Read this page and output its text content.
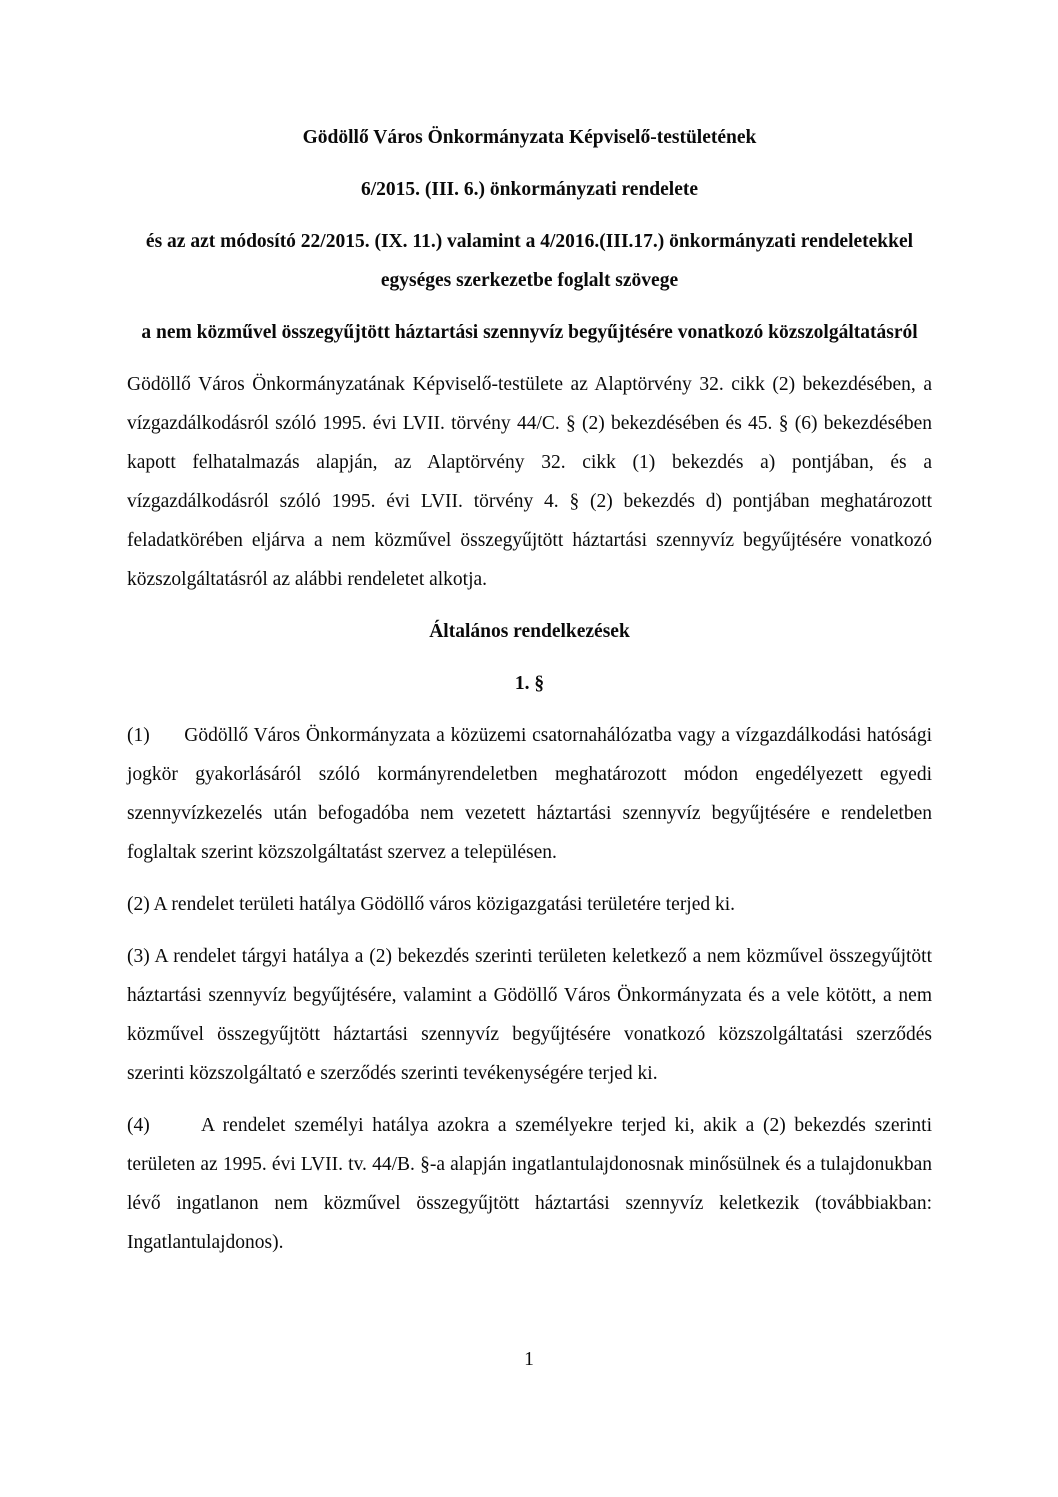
Gödöllő Város Önkormányzata Képviselő-testületének

6/2015. (III. 6.) önkormányzati rendelete

és az azt módosító 22/2015. (IX. 11.) valamint a 4/2016.(III.17.) önkormányzati rendeletekkel egységes szerkezetbe foglalt szövege

a nem közművel összegyűjtött háztartási szennyvíz begyűjtésére vonatkozó közszolgáltatásról

Gödöllő Város Önkormányzatának Képviselő-testülete az Alaptörvény 32. cikk (2) bekezdésében, a vízgazdálkodásról szóló 1995. évi LVII. törvény 44/C. § (2) bekezdésében és 45. § (6) bekezdésében kapott felhatalmazás alapján, az Alaptörvény 32. cikk (1) bekezdés a) pontjában, és a vízgazdálkodásról szóló 1995. évi LVII. törvény 4. § (2) bekezdés d) pontjában meghatározott feladatkörében eljárva a nem közművel összegyűjtött háztartási szennyvíz begyűjtésére vonatkozó közszolgáltatásról az alábbi rendeletet alkotja.

Általános rendelkezések

1. §

(1)      Gödöllő Város Önkormányzata a közüzemi csatornahálózatba vagy a vízgazdálkodási hatósági jogkör gyakorlásáról szóló kormányrendeletben meghatározott módon engedélyezett egyedi szennyvízkezelés után befogadóba nem vezetett háztartási szennyvíz begyűjtésére e rendeletben foglaltak szerint közszolgáltatást szervez a településen.

(2) A rendelet területi hatálya Gödöllő város közigazgatási területére terjed ki.

(3) A rendelet tárgyi hatálya a (2) bekezdés szerinti területen keletkező a nem közművel összegyűjtött háztartási szennyvíz begyűjtésére, valamint a Gödöllő Város Önkormányzata és a vele kötött, a nem közművel összegyűjtött háztartási szennyvíz begyűjtésére vonatkozó közszolgáltatási szerződés szerinti közszolgáltató e szerződés szerinti tevékenységére terjed ki.

(4)      A rendelet személyi hatálya azokra a személyekre terjed ki, akik a (2) bekezdés szerinti területen az 1995. évi LVII. tv. 44/B. §-a alapján ingatlantulajdonosnak minősülnek és a tulajdonukban lévő ingatlanon nem közművel összegyűjtött háztartási szennyvíz keletkezik (továbbiakban: Ingatlantulajdonos).

1
